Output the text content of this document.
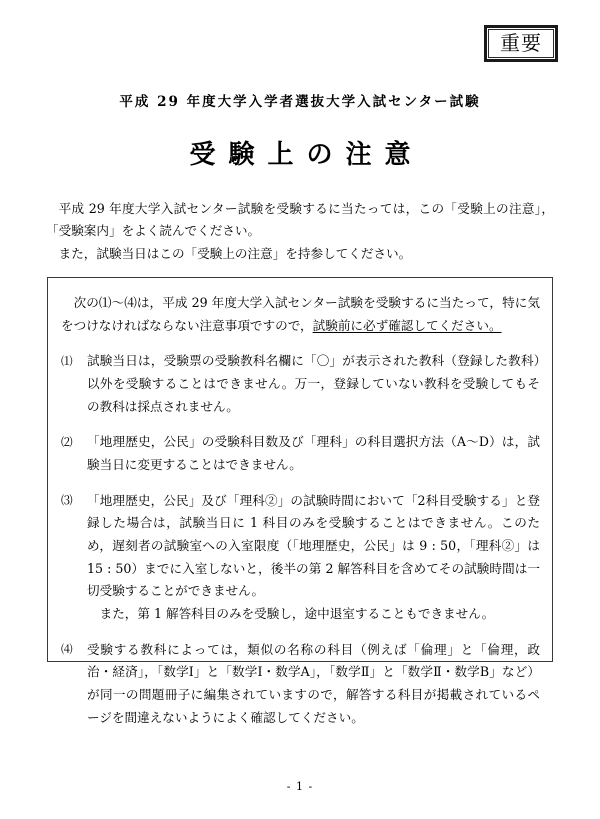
重要
平成 29 年度大学入学者選抜大学入試センター試験
受験上の注意

平成 29 年度大学入試センター試験を受験するに当たっては，この「受験上の注意」，「受験案内」をよく読んでください。

また，試験当日はこの「受験上の注意」を持参してください。

次の⑴～⑷は，平成 29 年度大学入試センター試験を受験するに当たって，特に気をつけなければならない注意事項ですので，試験前に必ず確認してください。

⑴	試験当日は，受験票の受験教科名欄に「〇」が表示された教科（登録した教科）以外を受験することはできません。万一，登録していない教科を受験してもその教科は採点されません。

⑵	「地理歴史，公民」の受験科目数及び「理科」の科目選択方法（A～D）は，試験当日に変更することはできません。

⑶	「地理歴史，公民」及び「理科②」の試験時間において「2科目受験する」と登録した場合は，試験当日に 1 科目のみを受験することはできません。このため，遅刻者の試験室への入室限度（「地理歴史，公民」は 9 : 50，「理科②」は 15 : 50）までに入室しないと，後半の第 2 解答科目を含めてその試験時間は一切受験することができません。

また，第 1 解答科目のみを受験し，途中退室することもできません。

⑷	受験する教科によっては，類似の名称の科目（例えば「倫理」と「倫理，政治・経済」，「数学Ⅰ」と「数学Ⅰ・数学A」，「数学Ⅱ」と「数学Ⅱ・数学B」など）が同一の問題冊子に編集されていますので，解答する科目が掲載されているページを間違えないようによく確認してください。

- 1 -
